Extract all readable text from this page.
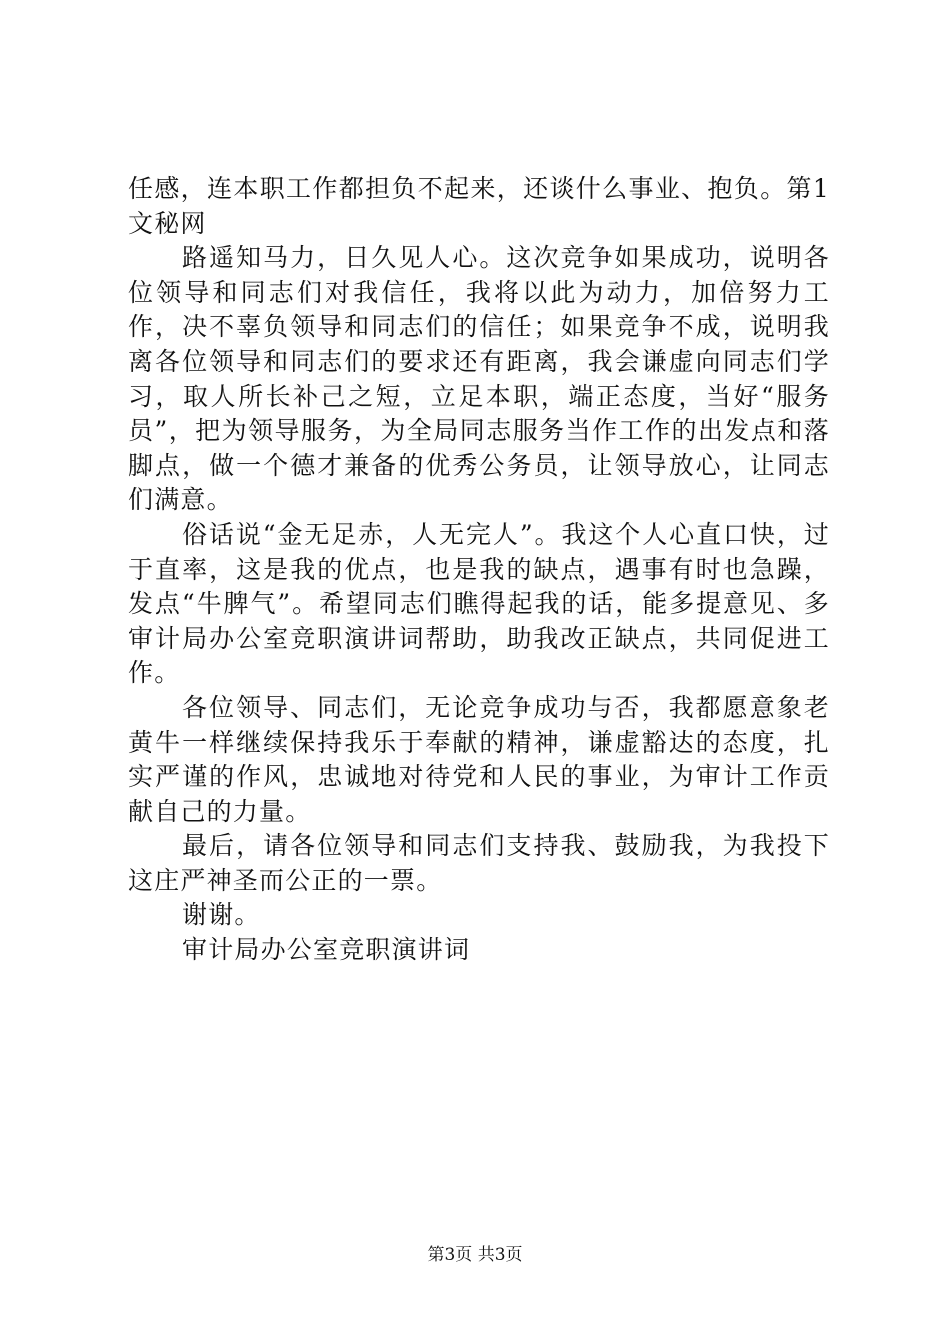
任感，连本职工作都担负不起来，还谈什么事业、抱负。第1文秘网

路遥知马力，日久见人心。这次竞争如果成功，说明各位领导和同志们对我信任，我将以此为动力，加倍努力工作，决不辜负领导和同志们的信任；如果竞争不成，说明我离各位领导和同志们的要求还有距离，我会谦虚向同志们学习，取人所长补己之短，立足本职，端正态度，当好“服务员”，把为领导服务，为全局同志服务当作工作的出发点和落脚点，做一个德才兼备的优秀公务员，让领导放心，让同志们满意。

俗话说“金无足赤，人无完人”。我这个人心直口快，过于直率，这是我的优点，也是我的缺点，遇事有时也急躁，发点“牛脾气”。希望同志们瞧得起我的话，能多提意见、多审计局办公室竞职演讲词帮助，助我改正缺点，共同促进工作。

各位领导、同志们，无论竞争成功与否，我都愿意象老黄牛一样继续保持我乐于奉献的精神，谦虚豁达的态度，扎实严谨的作风，忠诚地对待党和人民的事业，为审计工作贡献自己的力量。

最后，请各位领导和同志们支持我、鼓励我，为我投下这庄严神圣而公正的一票。

谢谢。

审计局办公室竞职演讲词

第3页 共3页
